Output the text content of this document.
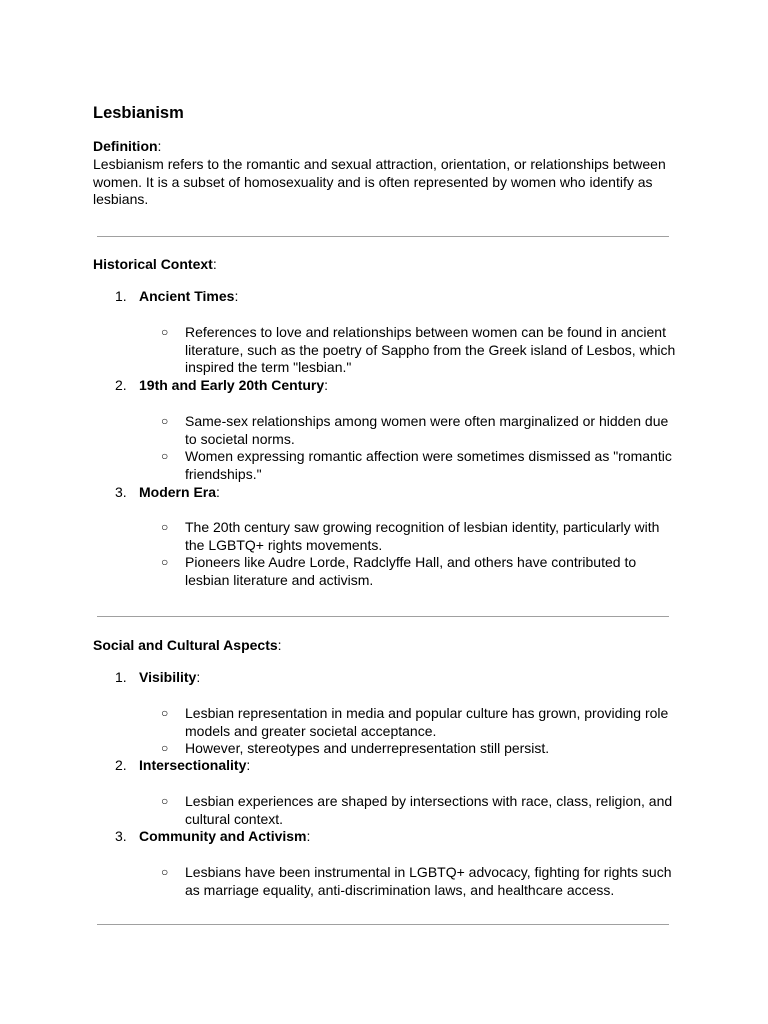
Lesbianism
Definition:

Lesbianism refers to the romantic and sexual attraction, orientation, or relationships between women. It is a subset of homosexuality and is often represented by women who identify as lesbians.

Historical Context:
1. Ancient Times:
○	References to love and relationships between women can be found in ancient literature, such as the poetry of Sappho from the Greek island of Lesbos, which inspired the term "lesbian."
2. 19th and Early 20th Century:
○	Same-sex relationships among women were often marginalized or hidden due to societal norms.
○	Women expressing romantic affection were sometimes dismissed as "romantic friendships."
3. Modern Era:
○	The 20th century saw growing recognition of lesbian identity, particularly with the LGBTQ+ rights movements.
○	Pioneers like Audre Lorde, Radclyffe Hall, and others have contributed to lesbian literature and activism.
Social and Cultural Aspects:
1. Visibility:
○	Lesbian representation in media and popular culture has grown, providing role models and greater societal acceptance.
○	However, stereotypes and underrepresentation still persist.
2. Intersectionality:
○	Lesbian experiences are shaped by intersections with race, class, religion, and cultural context.
3. Community and Activism:
○	Lesbians have been instrumental in LGBTQ+ advocacy, fighting for rights such as marriage equality, anti-discrimination laws, and healthcare access.
